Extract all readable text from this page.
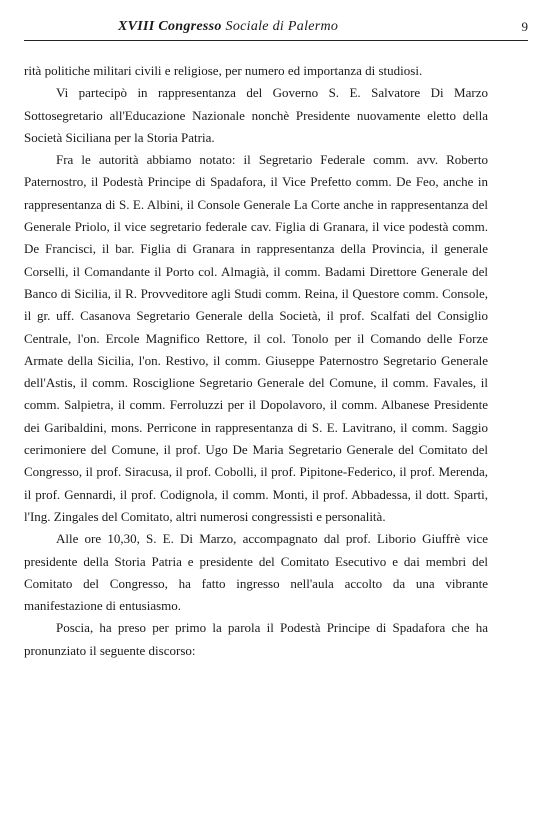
XVIII Congresso Sociale di Palermo	9

rità politiche militari civili e religiose, per numero ed importanza di studiosi.

Vi partecipò in rappresentanza del Governo S. E. Salvatore Di Marzo Sottosegretario all'Educazione Nazionale nonchè Presidente nuovamente eletto della Società Siciliana per la Storia Patria.

Fra le autorità abbiamo notato: il Segretario Federale comm. avv. Roberto Paternostro, il Podestà Principe di Spadafora, il Vice Prefetto comm. De Feo, anche in rappresentanza di S. E. Albini, il Console Generale La Corte anche in rappresentanza del Generale Priolo, il vice segretario federale cav. Figlia di Granara, il vice podestà comm. De Francisci, il bar. Figlia di Granara in rappresentanza della Provincia, il generale Corselli, il Comandante il Porto col. Almagià, il comm. Badami Direttore Generale del Banco di Sicilia, il R. Provveditore agli Studi comm. Reina, il Questore comm. Console, il gr. uff. Casanova Segretario Generale della Società, il prof. Scalfati del Consiglio Centrale, l'on. Ercole Magnifico Rettore, il col. Tonolo per il Comando delle Forze Armate della Sicilia, l'on. Restivo, il comm. Giuseppe Paternostro Segretario Generale dell'Astis, il comm. Rosciglione Segretario Generale del Comune, il comm. Favales, il comm. Salpietra, il comm. Ferroluzzi per il Dopolavoro, il comm. Albanese Presidente dei Garibaldini, mons. Perricone in rappresentanza di S. E. Lavitrano, il comm. Saggio cerimoniere del Comune, il prof. Ugo De Maria Segretario Generale del Comitato del Congresso, il prof. Siracusa, il prof. Cobolli, il prof. Pipitone-Federico, il prof. Merenda, il prof. Gennardi, il prof. Codignola, il comm. Monti, il prof. Abbadessa, il dott. Sparti, l'Ing. Zingales del Comitato, altri numerosi congressisti e personalità.

Alle ore 10,30, S. E. Di Marzo, accompagnato dal prof. Liborio Giuffrè vice presidente della Storia Patria e presidente del Comitato Esecutivo e dai membri del Comitato del Congresso, ha fatto ingresso nell'aula accolto da una vibrante manifestazione di entusiasmo.

Poscia, ha preso per primo la parola il Podestà Principe di Spadafora che ha pronunziato il seguente discorso:
